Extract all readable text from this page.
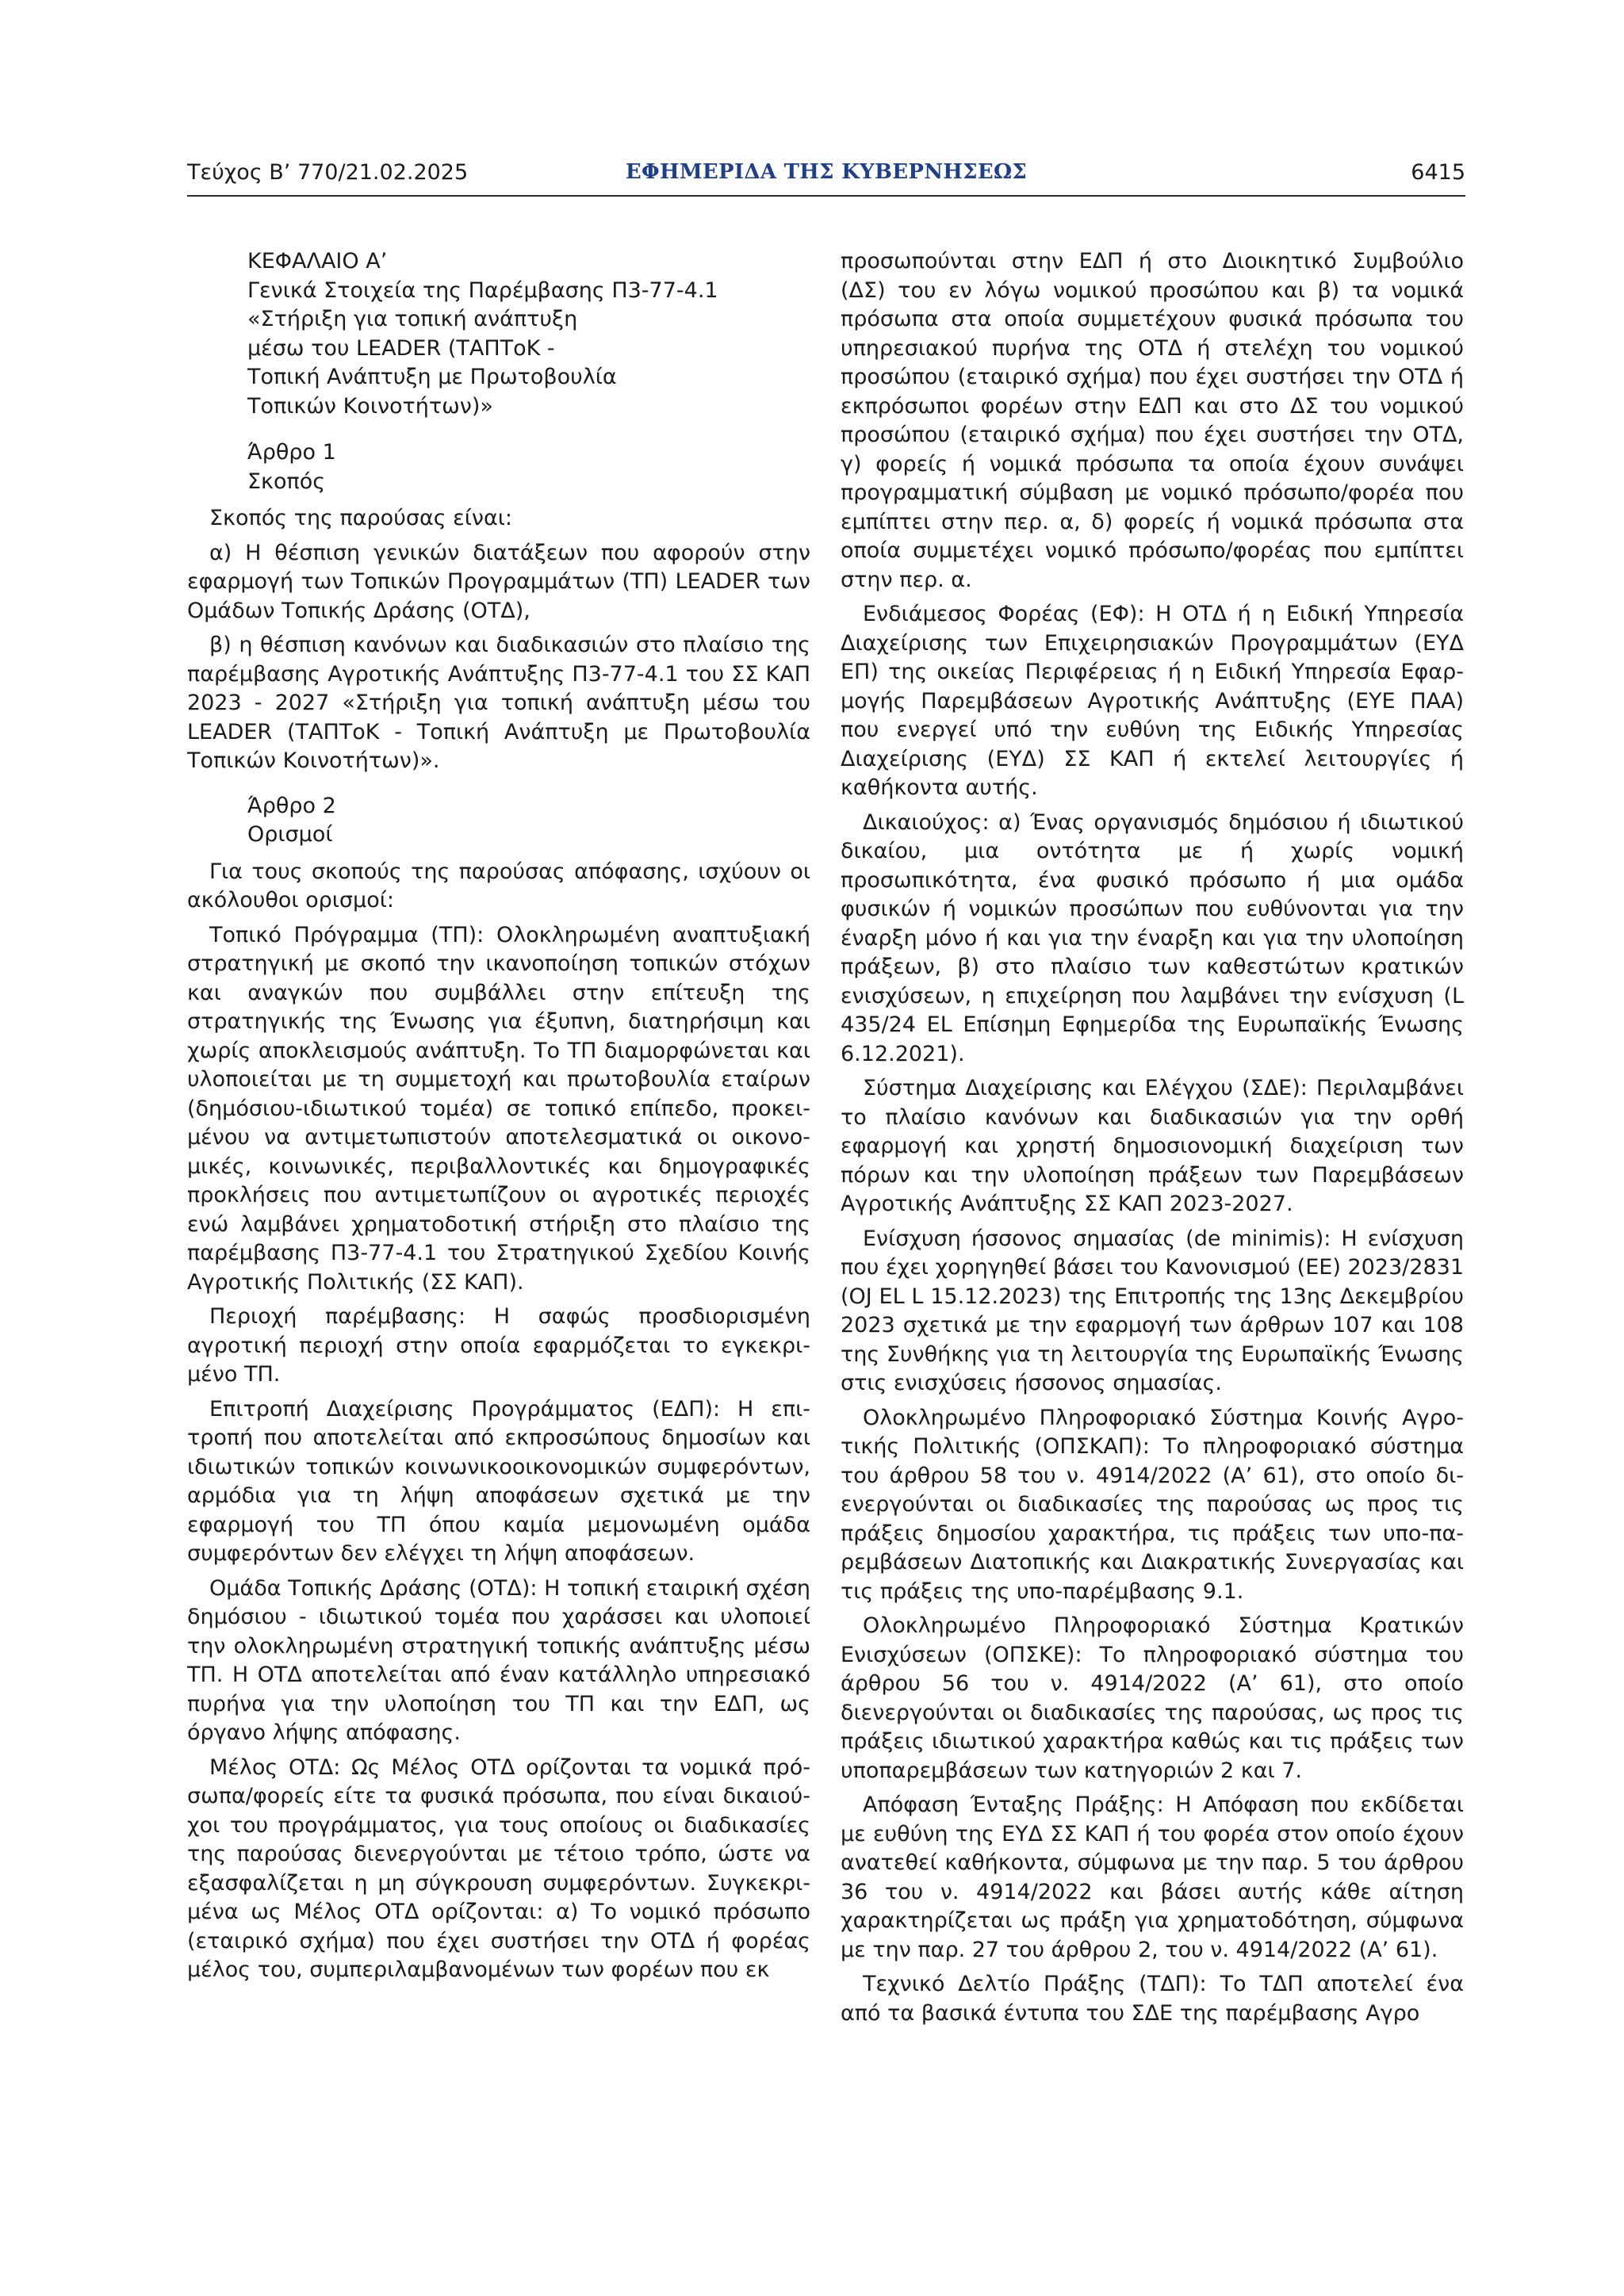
Τεύχος Β’ 770/21.02.2025	ΕΦΗΜΕΡΙΔΑ ΤΗΣ ΚΥΒΕΡΝΗΣΕΩΣ	6415
ΚΕΦΑΛΑΙΟ Α’
Γενικά Στοιχεία της Παρέμβασης Π3-77-4.1
«Στήριξη για τοπική ανάπτυξη
μέσω του LEADER (ΤΑΠΤοΚ -
Τοπική Ανάπτυξη με Πρωτοβουλία
Τοπικών Κοινοτήτων)»
Άρθρο 1
Σκοπός

Σκοπός της παρούσας είναι:

α) Η θέσπιση γενικών διατάξεων που αφορούν στην εφαρμογή των Τοπικών Προγραμμάτων (ΤΠ) LEADER των Ομάδων Τοπικής Δράσης (ΟΤΔ),

β) η θέσπιση κανόνων και διαδικασιών στο πλαίσιο της παρέμβασης Αγροτικής Ανάπτυξης Π3-77-4.1 του ΣΣ ΚΑΠ 2023 - 2027 «Στήριξη για τοπική ανάπτυξη μέσω του LEADER (ΤΑΠΤοΚ - Τοπική Ανάπτυξη με Πρωτοβουλία Τοπικών Κοινοτήτων)».

Άρθρο 2
Ορισμοί

Για τους σκοπούς της παρούσας απόφασης, ισχύουν οι ακόλουθοι ορισμοί:

Τοπικό Πρόγραμμα (ΤΠ): Ολοκληρωμένη αναπτυξιακή στρατηγική με σκοπό την ικανοποίηση τοπικών στόχων και αναγκών που συμβάλλει στην επίτευξη της στρατηγικής της Ένωσης για έξυπνη, διατηρήσιμη και χωρίς αποκλεισμούς ανάπτυξη. Το ΤΠ διαμορφώνεται και υλοποιείται με τη συμμετοχή και πρωτοβουλία εταίρων (δημόσιου-ιδιωτικού τομέα) σε τοπικό επίπεδο, προκειμένου να αντιμετωπιστούν αποτελεσματικά οι οικονομικές, κοινωνικές, περιβαλλοντικές και δημογραφικές προκλήσεις που αντιμετωπίζουν οι αγροτικές περιοχές ενώ λαμβάνει χρηματοδοτική στήριξη στο πλαίσιο της παρέμβασης Π3-77-4.1 του Στρατηγικού Σχεδίου Κοινής Αγροτικής Πολιτικής (ΣΣ ΚΑΠ).

Περιοχή παρέμβασης: Η σαφώς προσδιορισμένη αγροτική περιοχή στην οποία εφαρμόζεται το εγκεκριμένο ΤΠ.

Επιτροπή Διαχείρισης Προγράμματος (ΕΔΠ): Η επιτροπή που αποτελείται από εκπροσώπους δημοσίων και ιδιωτικών τοπικών κοινωνικοοικονομικών συμφερόντων, αρμόδια για τη λήψη αποφάσεων σχετικά με την εφαρμογή του ΤΠ όπου καμία μεμονωμένη ομάδα συμφερόντων δεν ελέγχει τη λήψη αποφάσεων.

Ομάδα Τοπικής Δράσης (ΟΤΔ): Η τοπική εταιρική σχέση δημόσιου - ιδιωτικού τομέα που χαράσσει και υλοποιεί την ολοκληρωμένη στρατηγική τοπικής ανάπτυξης μέσω ΤΠ. Η ΟΤΔ αποτελείται από έναν κατάλληλο υπηρεσιακό πυρήνα για την υλοποίηση του ΤΠ και την ΕΔΠ, ως όργανο λήψης απόφασης.

Μέλος ΟΤΔ: Ως Μέλος ΟΤΔ ορίζονται τα νομικά πρόσωπα/φορείς είτε τα φυσικά πρόσωπα, που είναι δικαιούχοι του προγράμματος, για τους οποίους οι διαδικασίες της παρούσας διενεργούνται με τέτοιο τρόπο, ώστε να εξασφαλίζεται η μη σύγκρουση συμφερόντων. Συγκεκριμένα ως Μέλος ΟΤΔ ορίζονται: α) Το νομικό πρόσωπο (εταιρικό σχήμα) που έχει συστήσει την ΟΤΔ ή φορέας μέλος του, συμπεριλαμβανομένων των φορέων που εκ

προσωπούνται στην ΕΔΠ ή στο Διοικητικό Συμβούλιο (ΔΣ) του εν λόγω νομικού προσώπου και β) τα νομικά πρόσωπα στα οποία συμμετέχουν φυσικά πρόσωπα του υπηρεσιακού πυρήνα της ΟΤΔ ή στελέχη του νομικού προσώπου (εταιρικό σχήμα) που έχει συστήσει την ΟΤΔ ή εκπρόσωποι φορέων στην ΕΔΠ και στο ΔΣ του νομικού προσώπου (εταιρικό σχήμα) που έχει συστήσει την ΟΤΔ, γ) φορείς ή νομικά πρόσωπα τα οποία έχουν συνάψει προγραμματική σύμβαση με νομικό πρόσωπο/φορέα που εμπίπτει στην περ. α, δ) φορείς ή νομικά πρόσωπα στα οποία συμμετέχει νομικό πρόσωπο/φορέας που εμπίπτει στην περ. α.

Ενδιάμεσος Φορέας (ΕΦ): Η ΟΤΔ ή η Ειδική Υπηρεσία Διαχείρισης των Επιχειρησιακών Προγραμμάτων (ΕΥΔ ΕΠ) της οικείας Περιφέρειας ή η Ειδική Υπηρεσία Εφαρμογής Παρεμβάσεων Αγροτικής Ανάπτυξης (ΕΥΕ ΠΑΑ) που ενεργεί υπό την ευθύνη της Ειδικής Υπηρεσίας Διαχείρισης (ΕΥΔ) ΣΣ ΚΑΠ ή εκτελεί λειτουργίες ή καθήκοντα αυτής.

Δικαιούχος: α) Ένας οργανισμός δημόσιου ή ιδιωτικού δικαίου, μια οντότητα με ή χωρίς νομική προσωπικότητα, ένα φυσικό πρόσωπο ή μια ομάδα φυσικών ή νομικών προσώπων που ευθύνονται για την έναρξη μόνο ή και για την έναρξη και για την υλοποίηση πράξεων, β) στο πλαίσιο των καθεστώτων κρατικών ενισχύσεων, η επιχείρηση που λαμβάνει την ενίσχυση (L 435/24 EL Επίσημη Εφημερίδα της Ευρωπαϊκής Ένωσης 6.12.2021).

Σύστημα Διαχείρισης και Ελέγχου (ΣΔΕ): Περιλαμβάνει το πλαίσιο κανόνων και διαδικασιών για την ορθή εφαρμογή και χρηστή δημοσιονομική διαχείριση των πόρων και την υλοποίηση πράξεων των Παρεμβάσεων Αγροτικής Ανάπτυξης ΣΣ ΚΑΠ 2023-2027.

Ενίσχυση ήσσονος σημασίας (de minimis): Η ενίσχυση που έχει χορηγηθεί βάσει του Κανονισμού (ΕΕ) 2023/2831 (OJ EL L 15.12.2023) της Επιτροπής της 13ης Δεκεμβρίου 2023 σχετικά με την εφαρμογή των άρθρων 107 και 108 της Συνθήκης για τη λειτουργία της Ευρωπαϊκής Ένωσης στις ενισχύσεις ήσσονος σημασίας.

Ολοκληρωμένο Πληροφοριακό Σύστημα Κοινής Αγροτικής Πολιτικής (ΟΠΣΚΑΠ): Το πληροφοριακό σύστημα του άρθρου 58 του ν. 4914/2022 (Α’ 61), στο οποίο διενεργούνται οι διαδικασίες της παρούσας ως προς τις πράξεις δημοσίου χαρακτήρα, τις πράξεις των υπο-παρεμβάσεων Διατοπικής και Διακρατικής Συνεργασίας και τις πράξεις της υπο-παρέμβασης 9.1.

Ολοκληρωμένο Πληροφοριακό Σύστημα Κρατικών Ενισχύσεων (ΟΠΣΚΕ): Το πληροφοριακό σύστημα του άρθρου 56 του ν. 4914/2022 (Α’ 61), στο οποίο διενεργούνται οι διαδικασίες της παρούσας, ως προς τις πράξεις ιδιωτικού χαρακτήρα καθώς και τις πράξεις των υποπαρεμβάσεων των κατηγοριών 2 και 7.

Απόφαση Ένταξης Πράξης: Η Απόφαση που εκδίδεται με ευθύνη της ΕΥΔ ΣΣ ΚΑΠ ή του φορέα στον οποίο έχουν ανατεθεί καθήκοντα, σύμφωνα με την παρ. 5 του άρθρου 36 του ν. 4914/2022 και βάσει αυτής κάθε αίτηση χαρακτηρίζεται ως πράξη για χρηματοδότηση, σύμφωνα με την παρ. 27 του άρθρου 2, του ν. 4914/2022 (Α’ 61).

Τεχνικό Δελτίο Πράξης (ΤΔΠ): Το ΤΔΠ αποτελεί ένα από τα βασικά έντυπα του ΣΔΕ της παρέμβασης Αγρο
